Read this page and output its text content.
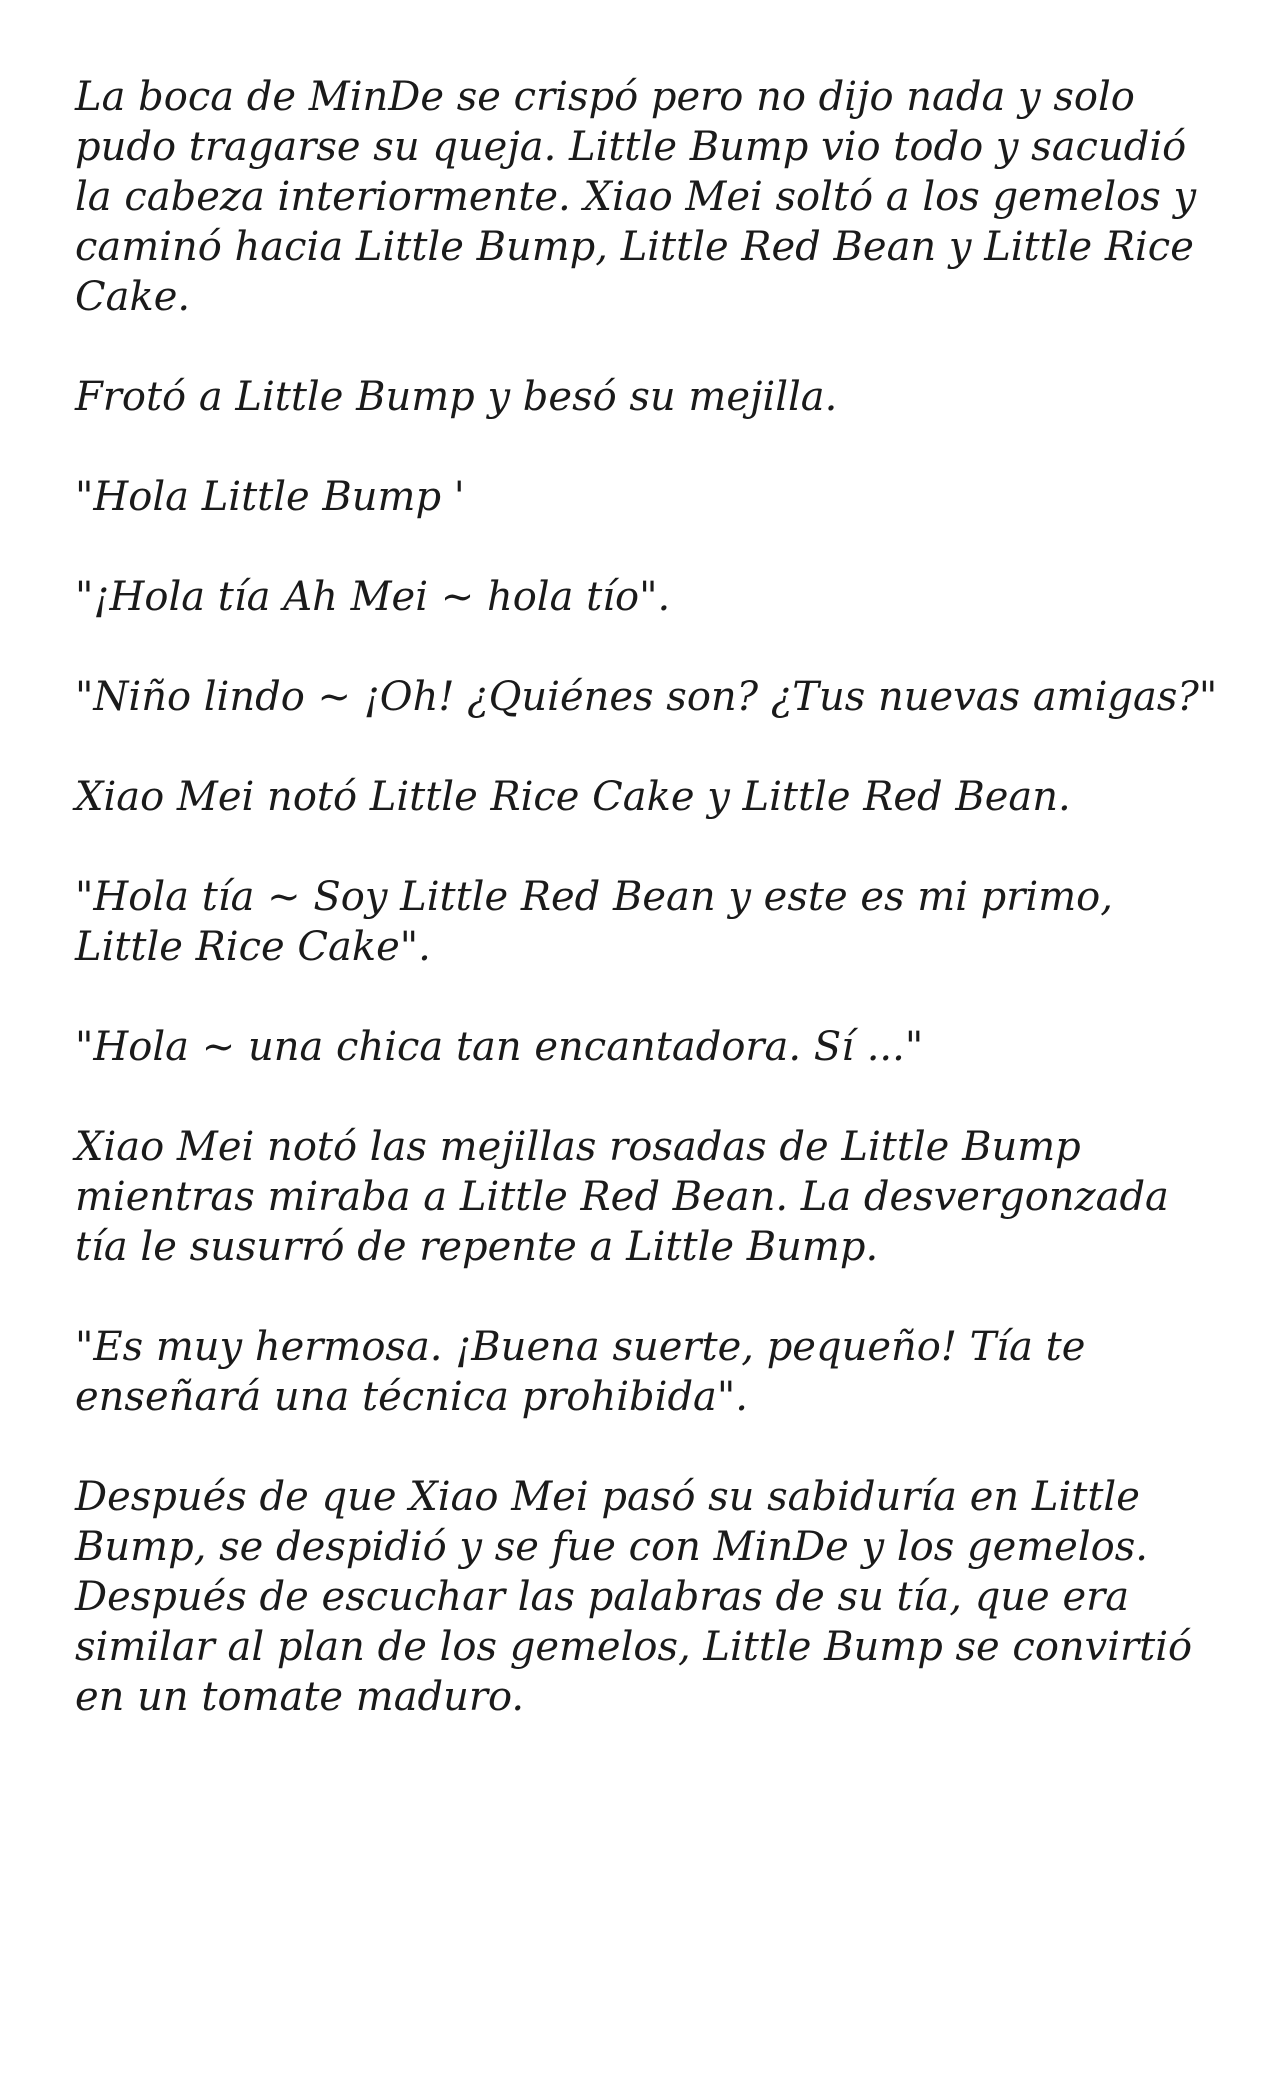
La boca de MinDe se crispó pero no dijo nada y solo pudo tragarse su queja. Little Bump vio todo y sacudió la cabeza interiormente. Xiao Mei soltó a los gemelos y caminó hacia Little Bump, Little Red Bean y Little Rice Cake.

Frotó a Little Bump y besó su mejilla.

"Hola Little Bump '

"¡Hola tía Ah Mei ~ hola tío".

"Niño lindo ~ ¡Oh! ¿Quiénes son? ¿Tus nuevas amigas?"

Xiao Mei notó Little Rice Cake y Little Red Bean.

"Hola tía ~ Soy Little Red Bean y este es mi primo, Little Rice Cake".

"Hola ~ una chica tan encantadora. Sí ..."

Xiao Mei notó las mejillas rosadas de Little Bump mientras miraba a Little Red Bean. La desvergonzada tía le susurró de repente a Little Bump.

"Es muy hermosa. ¡Buena suerte, pequeño! Tía te enseñará una técnica prohibida".

Después de que Xiao Mei pasó su sabiduría en Little Bump, se despidió y se fue con MinDe y los gemelos. Después de escuchar las palabras de su tía, que era similar al plan de los gemelos, Little Bump se convirtió en un tomate maduro.
